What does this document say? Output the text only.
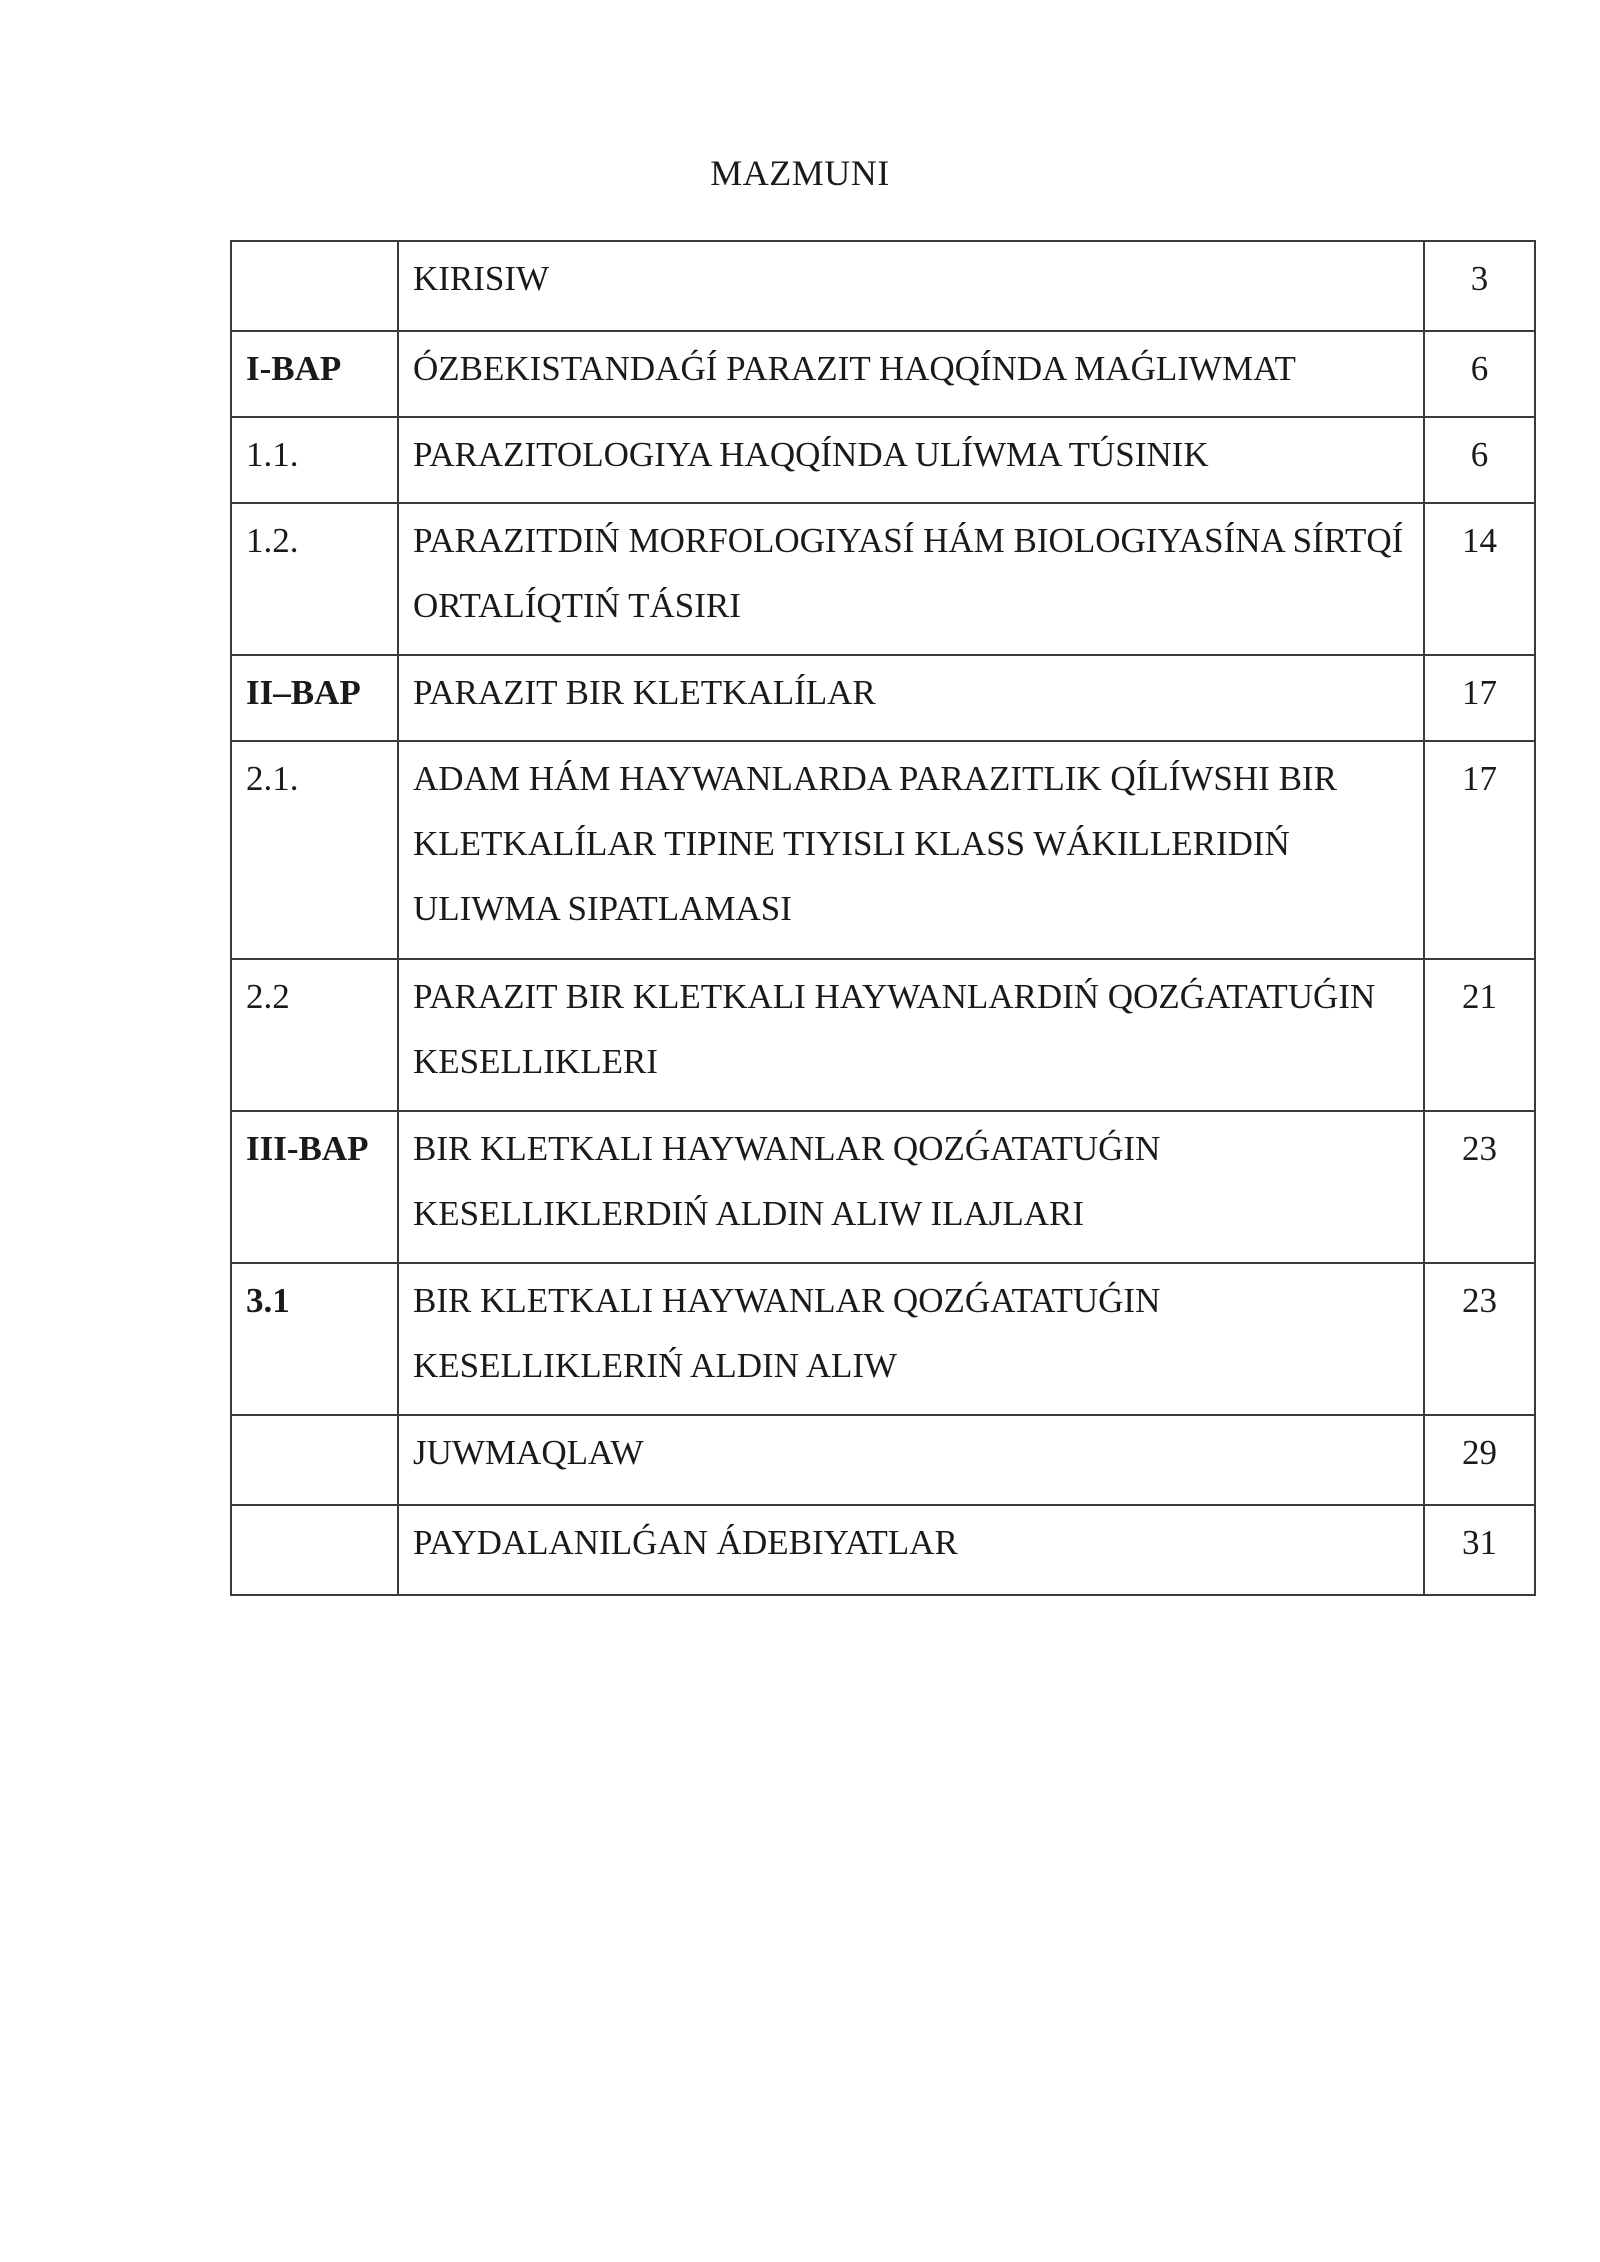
MAZMUNI
	KIRISIW	3
I-BAP	ÓZBEKISTANDAǴÍ PARAZIT HAQQÍNDA MAǴLIWMAT	6
1.1.	PARAZITOLOGIYA HAQQÍNDA ULÍWMA TÚSINIK	6
1.2.	PARAZITDIŃ MORFOLOGIYASÍ HÁM BIOLOGIYASÍNA SÍRTQÍ ORTALÍQTIŃ TÁSIRI	14
II–BAP	PARAZIT BIR KLETKALÍLAR	17
2.1.	ADAM HÁM HAYWANLARDA PARAZITLIK QÍLÍWSHI BIR KLETKALÍLAR TIPINE TIYISLI KLASS WÁKILLERIDIŃ ULIWMA SIPATLAMASI	17
2.2	PARAZIT BIR KLETKALI HAYWANLARDIŃ QOZǴATATUǴIN KESELLIKLERI	21
III-BAP	BIR KLETKALI HAYWANLAR QOZǴATATUǴIN KESELLIKLERDIŃ ALDIN ALIW ILAJLARI	23
3.1	BIR KLETKALI HAYWANLAR QOZǴATATUǴIN KESELLIKLERIŃ ALDIN ALIW	23
	JUWMAQLAW	29
	PAYDALANILǴAN ÁDEBIYATLAR	31
